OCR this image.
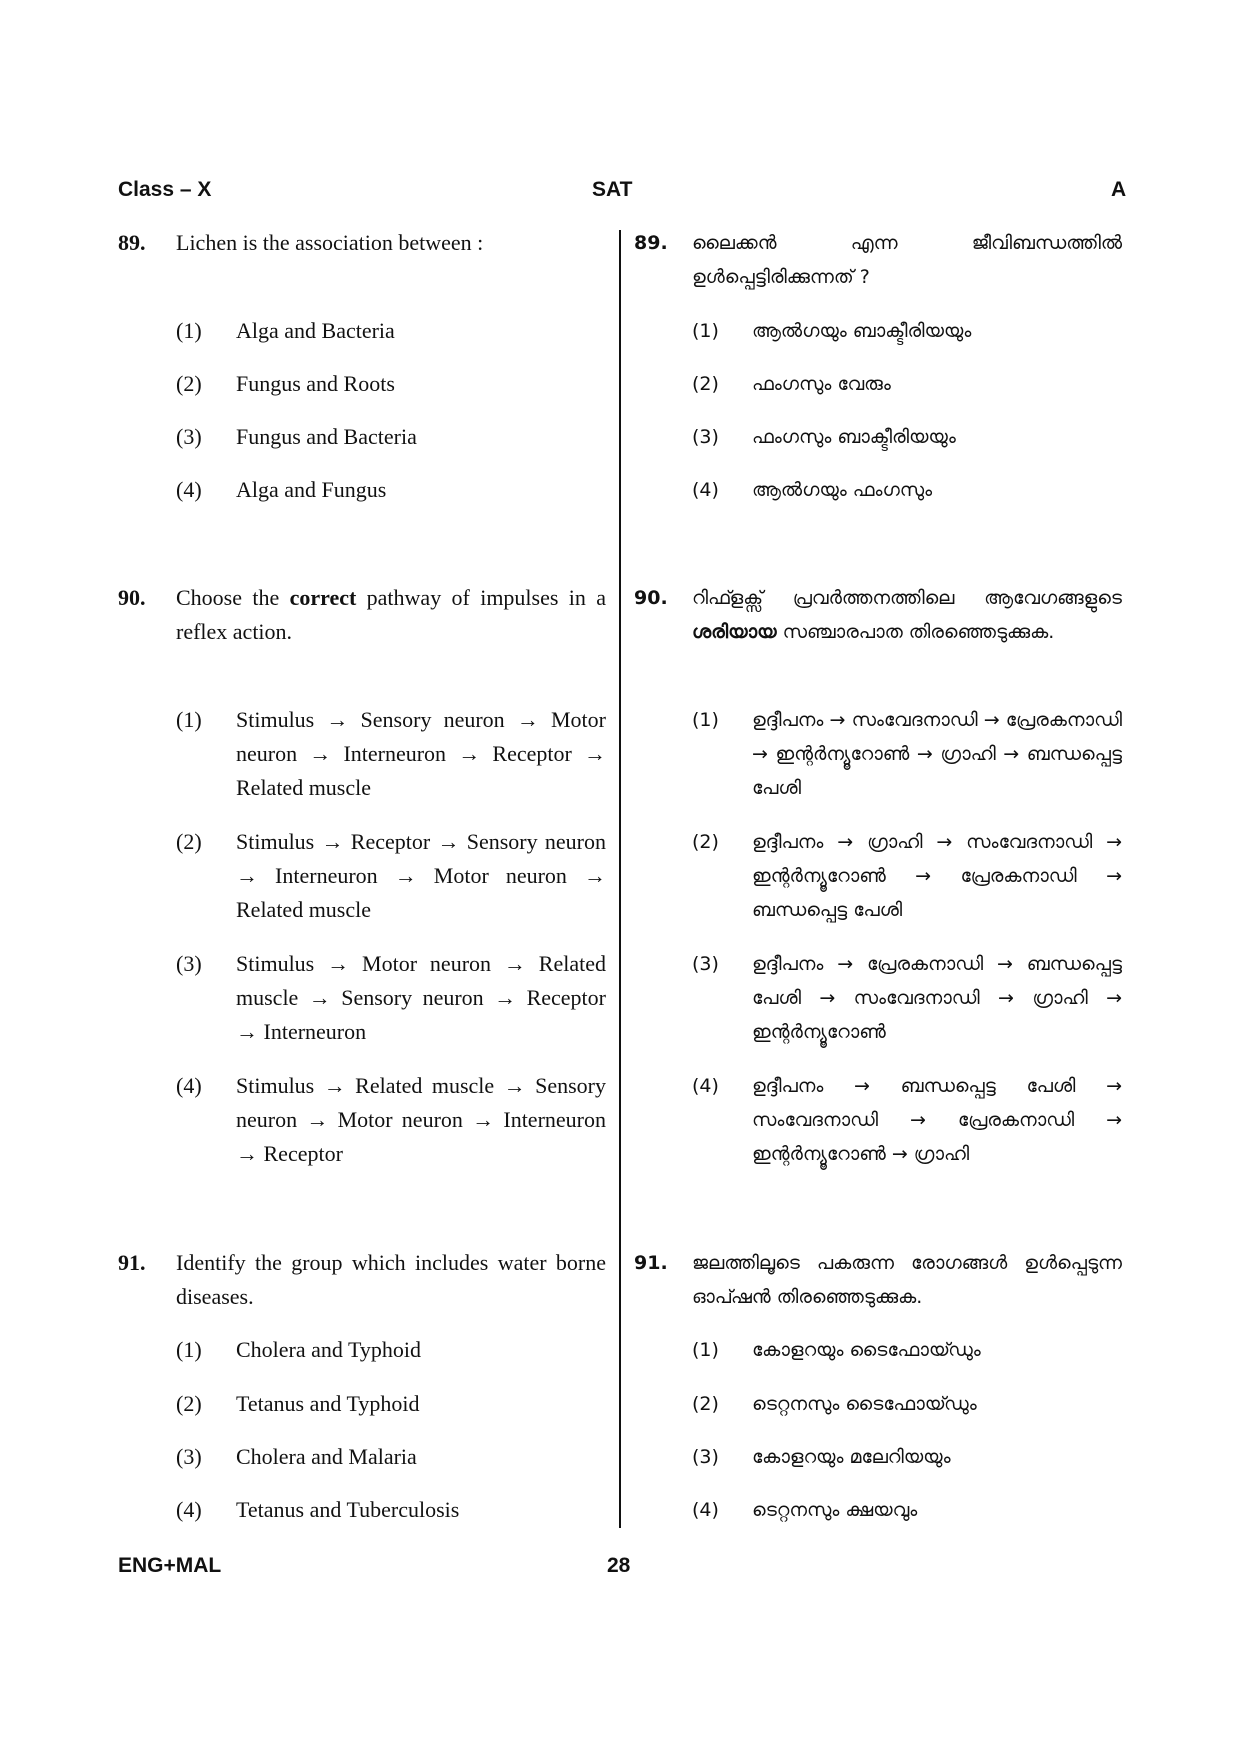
Class – X	SAT	A
89. Lichen is the association between :
(1) Alga and Bacteria
(2) Fungus and Roots
(3) Fungus and Bacteria
(4) Alga and Fungus
90. Choose the correct pathway of impulses in a reflex action.
(1) Stimulus → Sensory neuron → Motor neuron → Interneuron → Receptor → Related muscle
(2) Stimulus → Receptor → Sensory neuron → Interneuron → Motor neuron → Related muscle
(3) Stimulus → Motor neuron → Related muscle → Sensory neuron → Receptor → Interneuron
(4) Stimulus → Related muscle → Sensory neuron → Motor neuron → Interneuron → Receptor
91. Identify the group which includes water borne diseases.
(1) Cholera and Typhoid
(2) Tetanus and Typhoid
(3) Cholera and Malaria
(4) Tetanus and Tuberculosis
89. ലൈക്കൻ എന്ന ജീവിബന്ധത്തിൽ ഉൾപ്പെട്ടിരിക്കുന്നത് ?
(1) ആൽഗയും ബാക്ടീരിയയും
(2) ഫംഗസും വേരും
(3) ഫംഗസും ബാക്ടീരിയയും
(4) ആൽഗയും ഫംഗസും
90. റിഫ്ളക്സ് പ്രവർത്തനത്തിലെ ആവേഗങ്ങളുടെ ശരിയായ സഞ്ചാരപാത തിരഞ്ഞെടുക്കുക.
(1) ഉദ്ദീപനം → സംവേദനാഡി → പ്രേരകനാഡി → ഇന്റർന്യൂറോൺ → ഗ്രാഹി → ബന്ധപ്പെട്ട പേശി
(2) ഉദ്ദീപനം → ഗ്രാഹി → സംവേദനാഡി → ഇന്റർന്യൂറോൺ → പ്രേരകനാഡി → ബന്ധപ്പെട്ട പേശി
(3) ഉദ്ദീപനം → പ്രേരകനാഡി → ബന്ധപ്പെട്ട പേശി → സംവേദനാഡി → ഗ്രാഹി → ഇന്റർന്യൂറോൺ
(4) ഉദ്ദീപനം → ബന്ധപ്പെട്ട പേശി → സംവേദനാഡി → പ്രേരകനാഡി → ഇന്റർന്യൂറോൺ → ഗ്രാഹി
91. ജലത്തിലൂടെ പകരുന്ന രോഗങ്ങൾ ഉൾപ്പെടുന്ന ഓപ്ഷൻ തിരഞ്ഞെടുക്കുക.
(1) കോളറയും ടൈഫോയ്ഡും
(2) ടെറ്റനസും ടൈഫോയ്ഡും
(3) കോളറയും മലേറിയയും
(4) ടെറ്റനസും ക്ഷയവും
ENG+MAL	28
